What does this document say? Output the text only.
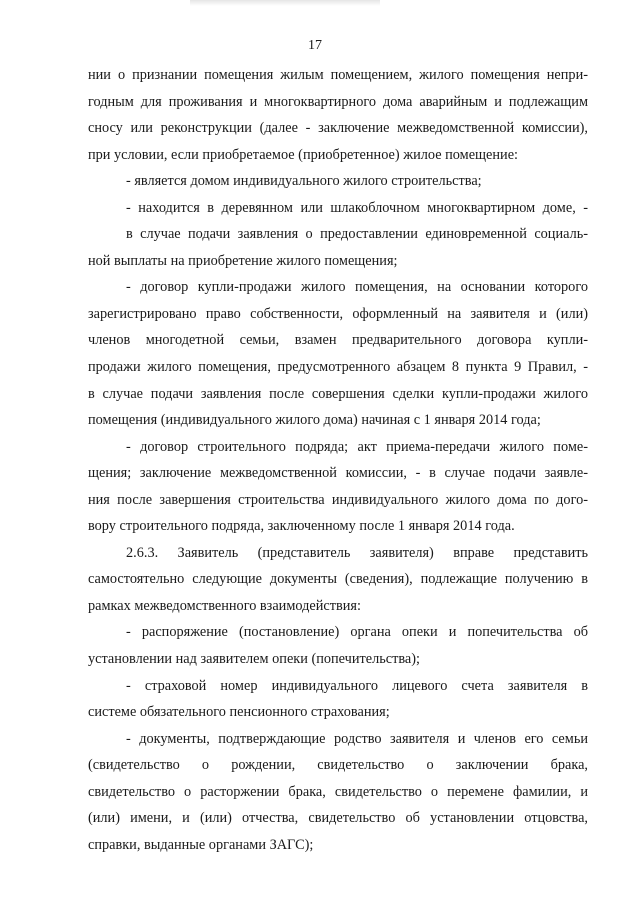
17

нии о признании помещения жилым помещением, жилого помещения непри-

годным для проживания и многоквартирного дома аварийным и подлежащим

сносу или реконструкции (далее - заключение межведомственной комиссии),

при условии, если приобретаемое (приобретенное) жилое помещение:

- является домом индивидуального жилого строительства;

- находится в деревянном или шлакоблочном многоквартирном доме, -

в случае подачи заявления о предоставлении единовременной социаль-

ной выплаты на приобретение жилого помещения;

- договор купли-продажи жилого помещения, на основании которого

зарегистрировано право собственности, оформленный на заявителя и (или)

членов многодетной семьи, взамен предварительного договора купли-

продажи жилого помещения, предусмотренного абзацем 8 пункта 9 Правил, -

в случае подачи заявления после совершения сделки купли-продажи жилого

помещения (индивидуального жилого дома) начиная с 1 января 2014 года;

- договор строительного подряда; акт приема-передачи жилого поме-

щения; заключение межведомственной комиссии, - в случае подачи заявле-

ния после завершения строительства индивидуального жилого дома по дого-

вору строительного подряда, заключенному после 1 января 2014 года.

2.6.3. Заявитель (представитель заявителя) вправе представить

самостоятельно следующие документы (сведения), подлежащие получению в

рамках межведомственного взаимодействия:

- распоряжение (постановление) органа опеки и попечительства об

установлении над заявителем опеки (попечительства);

- страховой номер индивидуального лицевого счета заявителя в

системе обязательного пенсионного страхования;

- документы, подтверждающие родство заявителя и членов его семьи

(свидетельство о рождении, свидетельство о заключении брака,

свидетельство о расторжении брака, свидетельство о перемене фамилии, и

(или) имени, и (или) отчества, свидетельство об установлении отцовства,

справки, выданные органами ЗАГС);
